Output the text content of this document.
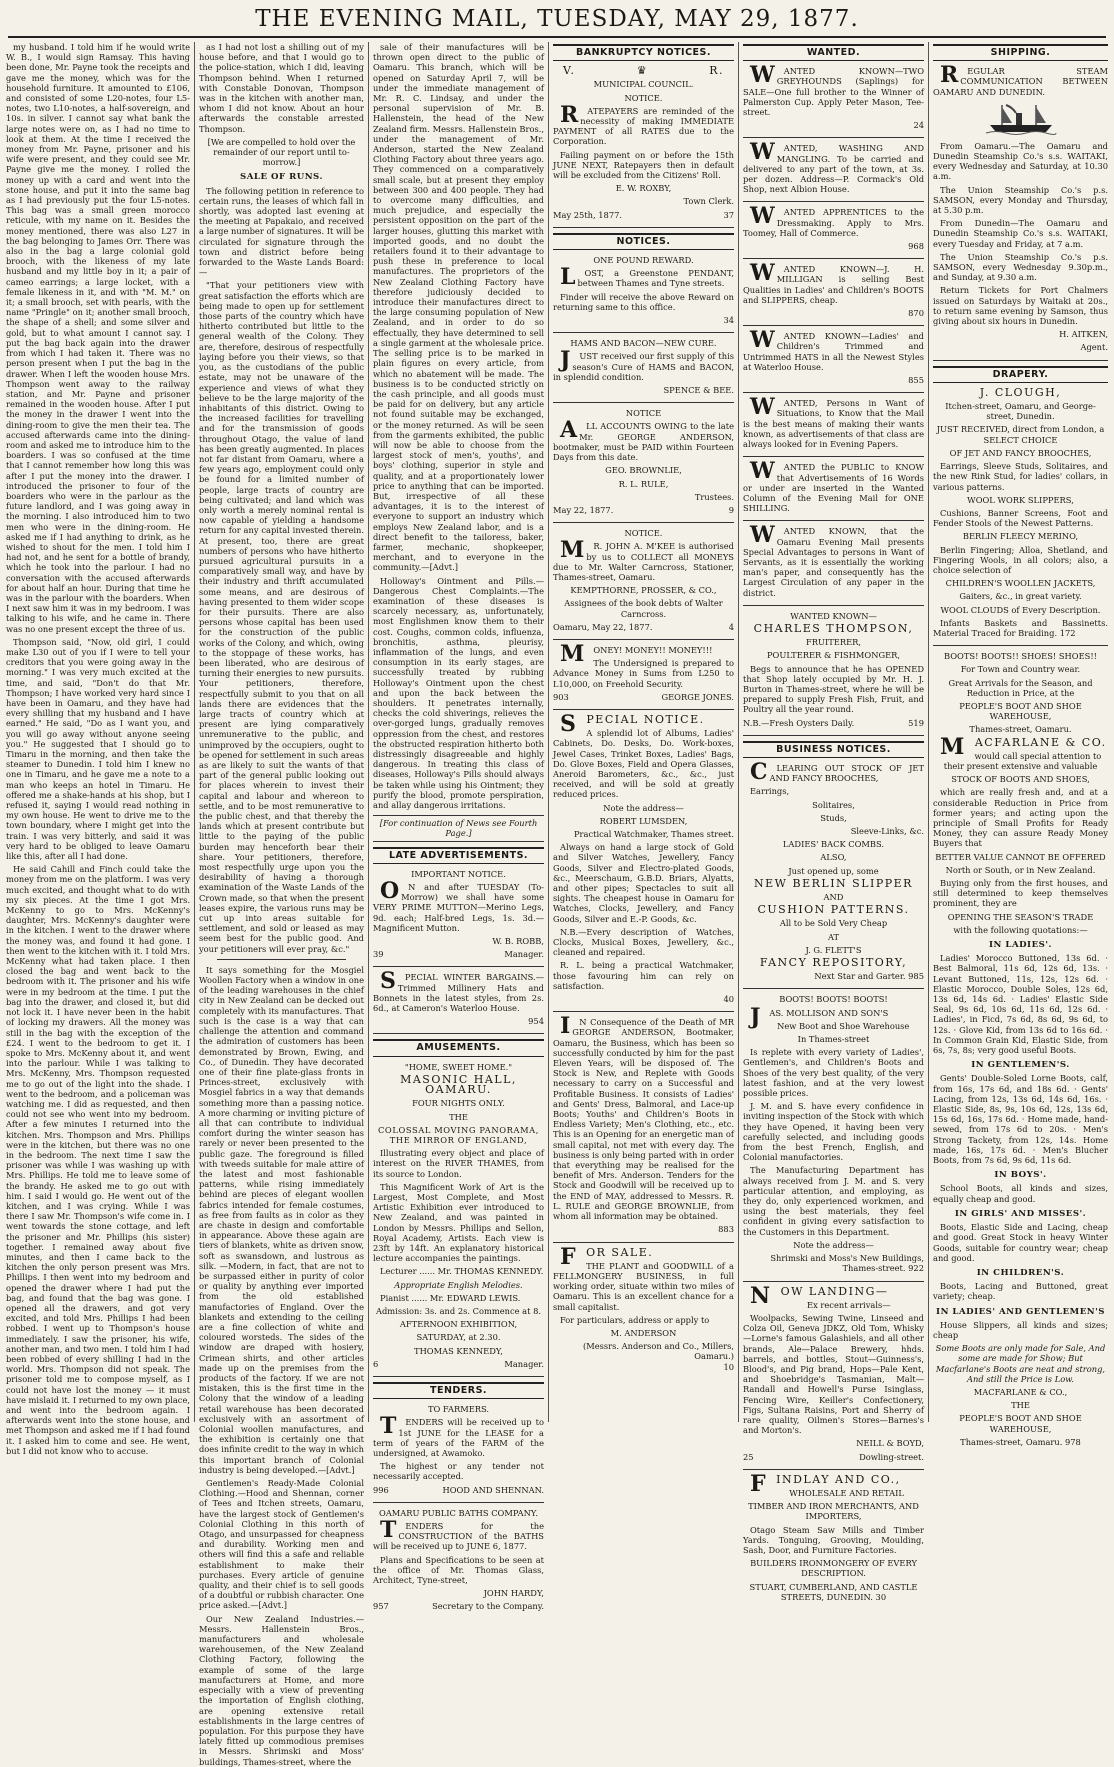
THE EVENING MAIL, TUESDAY, MAY 29, 1877.

my husband. I told him if he would write W. B., I would sign Ramsay. This having been done, Mr. Payne took the receipts and gave me the money, which was for the household furniture. It amounted to £106, and consisted of some L20-notes, four L5-notes, two L10-notes, a half-sovereign, and 10s. in silver. I cannot say what bank the large notes were on, as I had no time to look at them. At the time I received the money from Mr. Payne, prisoner and his wife were present, and they could see Mr. Payne give me the money. I rolled the money up with a card and went into the stone house, and put it into the same bag as I had previously put the four L5-notes. This bag was a small green morocco reticule, with my name on it. Besides the money mentioned, there was also L27 in the bag belonging to James Orr. There was also in the bag a large colonial gold brooch, with the likeness of my late husband and my little boy in it; a pair of cameo earrings; a large locket, with a female likeness in it, and with "M. M." on it; a small brooch, set with pearls, with the name "Pringle" on it; another small brooch, the shape of a shell; and some silver and gold, but to what amount I cannot say. I put the bag back again into the drawer from which I had taken it. There was no person present when I put the bag in the drawer. When I left the wooden house Mrs. Thompson went away to the railway station, and Mr. Payne and prisoner remained in the wooden house. After I put the money in the drawer I went into the dining-room to give the men their tea. The accused afterwards came into the dining-room and asked me to introduce him to the boarders. I was so confused at the time that I cannot remember how long this was after I put the money into the drawer. I introduced the prisoner to four of the boarders who were in the parlour as the future landlord, and I was going away in the morning. I also introduced him to two men who were in the dining-room. He asked me if I had anything to drink, as he wished to shout for the men. I told him I had not, and he sent for a bottle of brandy, which he took into the parlour. I had no conversation with the accused afterwards for about half an hour. During that time he was in the parlour with the boarders. When I next saw him it was in my bedroom. I was talking to his wife, and he came in. There was no one present except the three of us.

Thompson said, "Now, old girl, I could make L30 out of you if I were to tell your creditors that you were going away in the morning." I was very much excited at the time, and said, "Don't do that Mr. Thompson; I have worked very hard since I have been in Oamaru, and they have had every shilling that my husband and I have earned." He said, "Do as I want you, and you will go away without anyone seeing you." He suggested that I should go to Timaru in the morning, and then take the steamer to Dunedin. I told him I knew no one in Timaru, and he gave me a note to a man who keeps an hotel in Timaru. He offered me a shake-hands at his shop, but I refused it, saying I would read nothing in my own house. He went to drive me to the town boundary, where I might get into the train. I was very bitterly, and said it was very hard to be obliged to leave Oamaru like this, after all I had done.

He said Cahill and Finch could take the money from me on the platform. I was very much excited, and thought what to do with my six pieces. At the time I got Mrs. McKenny to go to Mrs. McKenny's daughter, Mrs. McKenny's daughter were in the kitchen. I went to the drawer where the money was, and found it had gone. I then went to the kitchen with it. I told Mrs. McKenny what had taken place. I then closed the bag and went back to the bedroom with it. The prisoner and his wife were in my bedroom at the time. I put the bag into the drawer, and closed it, but did not lock it. I have never been in the habit of locking my drawers. All the money was still in the bag with the exception of the £24. I went to the bedroom to get it. I spoke to Mrs. McKenny about it, and went into the parlour. While I was talking to Mrs. McKenny, Mrs. Thompson requested me to go out of the light into the shade. I went to the bedroom, and a policeman was watching me. I did as requested, and then could not see who went into my bedroom. After a few minutes I returned into the kitchen. Mrs. Thompson and Mrs. Phillips were in the kitchen, but there was no one in the bedroom. The next time I saw the prisoner was while I was washing up with Mrs. Phillips. He told me to leave some of the brandy. He asked me to go out with him. I said I would go. He went out of the kitchen, and I was crying. While I was there I saw Mr. Thompson's wife come in. I went towards the stone cottage, and left the prisoner and Mr. Phillips (his sister) together. I remained away about five minutes, and then I came back to the kitchen the only person present was Mrs. Phillips. I then went into my bedroom and opened the drawer where I had put the bag, and found that the bag was gone. I opened all the drawers, and got very excited, and told Mrs. Phillips I had been robbed. I went up to Thompson's house immediately. I saw the prisoner, his wife, another man, and two men. I told him I had been robbed of every shilling I had in the world. Mrs. Thompson did not speak. The prisoner told me to compose myself, as I could not have lost the money — it must have mislaid it. I returned to my own place, and went into the bedroom again. I afterwards went into the stone house, and met Thompson and asked me if I had found it. I asked him to come and see. He went, but I did not know who to accuse.

as I had not lost a shilling out of my house before, and that I would go to the police-station, which I did, leaving Thompson behind. When I returned with Constable Donovan, Thompson was in the kitchen with another man, whom I did not know. About an hour afterwards the constable arrested Thompson.

[We are compelled to hold over the remainder of our report until to-morrow.]

SALE OF RUNS.

The following petition in reference to certain runs, the leases of which fall in shortly, was adopted last evening at the meeting at Papakaio, and received a large number of signatures. It will be circulated for signature through the town and district before being forwarded to the Waste Lands Board:—

"That your petitioners view with great satisfaction the efforts which are being made to open up for settlement those parts of the country which have hitherto contributed but little to the general wealth of the Colony. They are, therefore, desirous of respectfully laying before you their views, so that you, as the custodians of the public estate, may not be unaware of the experience and views of what they believe to be the large majority of the inhabitants of this district. Owing to the increased facilities for travelling and for the transmission of goods throughout Otago, the value of land has been greatly augmented. In places not far distant from Oamaru, where a few years ago, employment could only be found for a limited number of people, large tracts of country are being cultivated; and land which was only worth a merely nominal rental is now capable of yielding a handsome return for any capital invested therein. At present, too, there are great numbers of persons who have hitherto pursued agricultural pursuits in a comparatively small way, and have by their industry and thrift accumulated some means, and are desirous of having presented to them wider scope for their pursuits. There are also persons whose capital has been used for the construction of the public works of the Colony, and which, owing to the stoppage of these works, has been liberated, who are desirous of turning their energies to new pursuits. Your petitioners, therefore, respectfully submit to you that on all lands there are evidences that the large tracts of country which at present are lying comparatively unremunerative to the public, and unimproved by the occupiers, ought to be opened for settlement in such areas as are likely to suit the wants of that part of the general public looking out for places wherein to invest their capital and labour and whereon to settle, and to be most remunerative to the public chest, and that thereby the lands which at present contribute but little to the paying of the public burden may henceforth bear their share. Your petitioners, therefore, most respectfully urge upon you the desirability of having a thorough examination of the Waste Lands of the Crown made, so that when the present leases expire, the various runs may be cut up into areas suitable for settlement, and sold or leased as may seem best for the public good. And your petitioners will ever pray, &c."

It says something for the Mosgiel Woollen Factory when a window in one of the leading warehouses in the chief city in New Zealand can be decked out completely with its manufactures. That such is the case is a way that can challenge the attention and command the admiration of customers has been demonstrated by Brown, Ewing, and Co., of Dunedin. They have decorated one of their fine plate-glass fronts in Princes-street, exclusively with Mosgiel fabrics in a way that demands something more than a passing notice. A more charming or inviting picture of all that can contribute to individual comfort during the winter season has rarely or never been presented to the public gaze. The foreground is filled with tweeds suitable for male attire of the latest and most fashionable patterns, while rising immediately behind are pieces of elegant woollen fabrics intended for female costumes, as free from faults as in color as they are chaste in design and comfortable in appearance. Above these again are tiers of blankets, white as driven snow, soft as swansdown, and lustrous as silk. —Modern, in fact, that are not to be surpassed either in purity of color or quality by anything ever imported from the old established manufactories of England. Over the blankets and extending to the ceiling are a fine collection of white and coloured worsteds. The sides of the window are draped with hosiery, Crimean shirts, and other articles made up on the premises from the products of the factory. If we are not mistaken, this is the first time in the Colony that the window of a leading retail warehouse has been decorated exclusively with an assortment of Colonial woollen manufactures, and the exhibition is certainly one that does infinite credit to the way in which this important branch of Colonial industry is being developed.—[Advt.]

Gentlemen's Ready-Made Colonial Clothing.—Hood and Shennan, corner of Tees and Itchen streets, Oamaru, have the largest stock of Gentlemen's Colonial Clothing in this north of Otago, and unsurpassed for cheapness and durability. Working men and others will find this a safe and reliable establishment to make their purchases. Every article of genuine quality, and their chief is to sell goods of a doubtful or rubbish character. One price asked.—[Advt.]

Our New Zealand Industries.—Messrs. Hallenstein Bros., manufacturers and wholesale warehousemen, of the New Zealand Clothing Factory, following the example of some of the large manufacturers at Home, and more especially with a view of preventing the importation of English clothing, are opening extensive retail establishments in the large centres of population. For this purpose they have lately fitted up commodious premises in Messrs. Shrimski and Moss' buildings, Thames-street, where the

sale of their manufactures will be thrown open direct to the public of Oamaru. This branch, which will be opened on Saturday April 7, will be under the immediate management of Mr. R. C. Lindsay, and under the personal supervision of Mr. B. Hallenstein, the head of the New Zealand firm. Messrs. Hallenstein Bros., under the management of Mr. Anderson, started the New Zealand Clothing Factory about three years ago. They commenced on a comparatively small scale, but at present they employ between 300 and 400 people. They had to overcome many difficulties, and much prejudice, and especially the persistent opposition on the part of the larger houses, glutting this market with imported goods, and no doubt the retailers found it to their advantage to push these in preference to local manufactures. The proprietors of the New Zealand Clothing Factory have therefore judiciously decided to introduce their manufactures direct to the large consuming population of New Zealand, and in order to do so effectually, they have determined to sell a single garment at the wholesale price. The selling price is to be marked in plain figures on every article, from which no abatement will be made. The business is to be conducted strictly on the cash principle, and all goods must be paid for on delivery, but any article not found suitable may be exchanged, or the money returned. As will be seen from the garments exhibited, the public will now be able to choose from the largest stock of men's, youths', and boys' clothing, superior in style and quality, and at a proportionately lower price to anything that can be imported. But, irrespective of all these advantages, it is to the interest of everyone to support an industry which employs New Zealand labor, and is a direct benefit to the tailoress, baker, farmer, mechanic, shopkeeper, merchant, and to everyone in the community.—[Advt.]

Holloway's Ointment and Pills.—Dangerous Chest Complaints.—The examination of these diseases is scarcely necessary, as, unfortunately, most Englishmen know them to their cost. Coughs, common colds, influenza, bronchitis, asthma, pleurisy, inflammation of the lungs, and even consumption in its early stages, are successfully treated by rubbing Holloway's Ointment upon the chest and upon the back between the shoulders. It penetrates internally, checks the cold shiverings, relieves the over-gorged lungs, gradually removes oppression from the chest, and restores the obstructed respiration hitherto both distressingly disagreeable and highly dangerous. In treating this class of diseases, Holloway's Pills should always be taken while using his Ointment; they purify the blood, promote perspiration, and allay dangerous irritations.

[For continuation of News see Fourth Page.]
LATE ADVERTISEMENTS.

IMPORTANT NOTICE.

ON and after TUESDAY (To-Morrow) we shall have some VERY PRIME MUTTON—Merino Legs, 9d. each; Half-bred Legs, 1s. 3d.—Magnificent Mutton.

W. B. ROBB,

39	Manager.

SPECIAL WINTER BARGAINS.— Trimmed Millinery Hats and Bonnets in the latest styles, from 2s. 6d., at Cameron's Waterloo House.

954

AMUSEMENTS.

"HOME, SWEET HOME."

MASONIC HALL, OAMARU.

FOUR NIGHTS ONLY.

THE

COLOSSAL MOVING PANORAMA, THE MIRROR OF ENGLAND,

Illustrating every object and place of interest on the RIVER THAMES, from its source to London.

This Magnificent Work of Art is the Largest, Most Complete, and Most Artistic Exhibition ever introduced to New Zealand, and was painted in London by Messrs. Phillips and Sellon, Royal Academy, Artists. Each view is 23ft by 14ft. An explanatory historical lecture accompanies the paintings.

Lecturer ...... Mr. THOMAS KENNEDY.

Appropriate English Melodies.

Pianist ...... Mr. EDWARD LEWIS.

Admission: 3s. and 2s. Commence at 8.

AFTERNOON EXHIBITION,

SATURDAY, at 2.30.

THOMAS KENNEDY,

6	Manager.

TENDERS.

TO FARMERS.

TENDERS will be received up to 1st JUNE for the LEASE for a term of years of the FARM of the undersigned, at Awamoko.

The highest or any tender not necessarily accepted.

996	HOOD AND SHENNAN.

OAMARU PUBLIC BATHS COMPANY.

TENDERS for the CONSTRUCTION of the BATHS will be received up to JUNE 6, 1877.

Plans and Specifications to be seen at the office of Mr. Thomas Glass, Architect, Tyne-street,

JOHN HARDY,

957	Secretary to the Company.

BANKRUPTCY NOTICES.

V.	♛	R.

MUNICIPAL COUNCIL.

NOTICE.

RATEPAYERS are reminded of the necessity of making IMMEDIATE PAYMENT of all RATES due to the Corporation.

Failing payment on or before the 15th JUNE NEXT, Ratepayers then in default will be excluded from the Citizens' Roll.

E. W. ROXBY,

Town Clerk.

May 25th, 1877.	37

NOTICES.

ONE POUND REWARD.

LOST, a Greenstone PENDANT, between Thames and Tyne streets.

Finder will receive the above Reward on returning same to this office.

34

HAMS AND BACON—NEW CURE.

JUST received our first supply of this season's Cure of HAMS and BACON, in splendid condition.

SPENCE & BEE.

NOTICE

ALL ACCOUNTS OWING to the late Mr. GEORGE ANDERSON, bootmaker, must be PAID within Fourteen Days from this date.

GEO. BROWNLIE,

R. L. RULE,

Trustees.

May 22, 1877.	9

NOTICE.

MR. JOHN A. M'KEE is authorised by us to COLLECT all MONEYS due to Mr. Walter Carncross, Stationer, Thames-street, Oamaru.

KEMPTHORNE, PROSSER, & CO.,

Assignees of the book debts of Walter Carncross.

Oamaru, May 22, 1877.	4

MONEY! MONEY!! MONEY!!!

The Undersigned is prepared to Advance Money in Sums from L250 to L10,000, on Freehold Security.

903	GEORGE JONES.

SPECIAL NOTICE.

A splendid lot of Albums, Ladies' Cabinets, Do. Desks, Do. Work-boxes, Jewel Cases, Trinket Boxes, Ladies' Bags, Do. Glove Boxes, Field and Opera Glasses, Aneroid Barometers, &c., &c., just received, and will be sold at greatly reduced prices.

Note the address—

ROBERT LUMSDEN,

Practical Watchmaker, Thames street.

Always on hand a large stock of Gold and Silver Watches, Jewellery, Fancy Goods, Silver and Electro-plated Goods, &c., Meerschaum, G.B.D. Briars, Alyatts, and other pipes; Spectacles to suit all sights. The cheapest house in Oamaru for Watches, Clocks, Jewellery, and Fancy Goods, Silver and E.-P. Goods, &c.

N.B.—Every description of Watches, Clocks, Musical Boxes, Jewellery, &c., cleaned and repaired.

R. L. being a practical Watchmaker, those favouring him can rely on satisfaction.

40

IN Consequence of the Death of MR GEORGE ANDERSON, Bootmaker, Oamaru, the Business, which has been so successfully conducted by him for the past Eleven Years, will be disposed of. The Stock is New, and Replete with Goods necessary to carry on a Successful and Profitable Business. It consists of Ladies' and Gents' Dress, Balmoral, and Lace-up Boots; Youths' and Children's Boots in Endless Variety; Men's Clothing, etc., etc. This is an Opening for an energetic man of small capital, not met with every day. The business is only being parted with in order that everything may be realised for the benefit of Mrs. Anderson. Tenders for the Stock and Goodwill will be received up to the END of MAY, addressed to Messrs. R. L. RULE and GEORGE BROWNLIE, from whom all information may be obtained.

883

FOR SALE.

THE PLANT and GOODWILL of a FELLMONGERY BUSINESS, in full working order, situate within two miles of Oamaru. This is an excellent chance for a small capitalist.

For particulars, address or apply to

M. ANDERSON

(Messrs. Anderson and Co., Millers, Oamaru.)
10

WANTED.

WANTED KNOWN—TWO GREYHOUNDS (Saplings) for SALE—One full brother to the Winner of Palmerston Cup. Apply Peter Mason, Tee-street.

24

WANTED, WASHING AND MANGLING. To be carried and delivered to any part of the town, at 3s. per dozen. Address—P. Cormack's Old Shop, next Albion House.

WANTED APPRENTICES to the Dressmaking. Apply to Mrs. Toomey, Hall of Commerce.

968

WANTED KNOWN—J. H. MILLIGAN is selling Best Qualities in Ladies' and Children's BOOTS and SLIPPERS, cheap.

870

WANTED KNOWN—Ladies' and Children's Trimmed and Untrimmed HATS in all the Newest Styles at Waterloo House.

855

WANTED, Persons in Want of Situations, to Know that the Mail is the best means of making their wants known, as advertisements of that class are always looked for in Evening Papers.

WANTED the PUBLIC to KNOW that Advertisements of 16 Words or under are inserted in the Wanted Column of the Evening Mail for ONE SHILLING.

WANTED KNOWN, that the Oamaru Evening Mail presents Special Advantages to persons in Want of Servants, as it is essentially the working man's paper, and consequently has the Largest Circulation of any paper in the district.

WANTED KNOWN—

CHARLES THOMPSON,

FRUITERER,

POULTERER & FISHMONGER,

Begs to announce that he has OPENED that Shop lately occupied by Mr. H. J. Burton in Thames-street, where he will be prepared to supply Fresh Fish, Fruit, and Poultry all the year round.

N.B.—Fresh Oysters Daily.	519

BUSINESS NOTICES.

CLEARING OUT STOCK OF JET AND FANCY BROOCHES,

Earrings,

Solitaires,

Studs,

Sleeve-Links, &c.

LADIES' BACK COMBS.

ALSO,

Just opened up, some

NEW BERLIN SLIPPER

AND

CUSHION PATTERNS.

All to be Sold Very Cheap

AT

J. G. FLETT'S

FANCY REPOSITORY,

Next Star and Garter. 985

BOOTS! BOOTS! BOOTS!

JAS. MOLLISON AND SON'S

New Boot and Shoe Warehouse

In Thames-street

Is replete with every variety of Ladies', Gentlemen's, and Children's Boots and Shoes of the very best quality, of the very latest fashion, and at the very lowest possible prices.

J. M. and S. have every confidence in inviting inspection of the Stock with which they have Opened, it having been very carefully selected, and including goods from the best French, English, and Colonial manufactories.

The Manufacturing Department has always received from J. M. and S. very particular attention, and employing, as they do, only experienced workmen, and using the best materials, they feel confident in giving every satisfaction to the Customers in this Department.

Note the address—

Shrimski and Moss's New Buildings, Thames-street. 922

NOW LANDING—

Ex recent arrivals—

Woolpacks, Sewing Twine, Linseed and Colza Oil, Geneva JDKZ, Old Tom, Whisky—Lorne's famous Galashiels, and all other brands, Ale—Palace Brewery, hhds. barrels, and bottles, Stout—Guinness's, Blood's, and Pig brand, Hops—Pale Kent, and Shoebridge's Tasmanian, Malt—Randall and Howell's Purse Isinglass, Fencing Wire, Keiller's Confectionery, Figs, Sultana Raisins, Port and Sherry of rare quality, Oilmen's Stores—Barnes's and Morton's.

NEILL & BOYD,

25	Dowling-street.

FINDLAY AND CO.,

WHOLESALE AND RETAIL

TIMBER AND IRON MERCHANTS, AND IMPORTERS,

Otago Steam Saw Mills and Timber Yards. Tonguing, Grooving, Moulding, Sash, Door, and Furniture Factories.

BUILDERS IRONMONGERY OF EVERY DESCRIPTION.

STUART, CUMBERLAND, AND CASTLE STREETS, DUNEDIN. 30

SHIPPING.

REGULAR STEAM COMMUNICATION BETWEEN OAMARU AND DUNEDIN.

From Oamaru.—The Oamaru and Dunedin Steamship Co.'s s.s. WAITAKI, every Wednesday and Saturday, at 10.30 a.m.

The Union Steamship Co.'s p.s. SAMSON, every Monday and Thursday, at 5.30 p.m.

From Dunedin—The Oamaru and Dunedin Steamship Co.'s s.s. WAITAKI, every Tuesday and Friday, at 7 a.m.

The Union Steamship Co.'s p.s. SAMSON, every Wednesday 9.30p.m., and Sunday, at 9.30 a.m.

Return Tickets for Port Chalmers issued on Saturdays by Waitaki at 20s., to return same evening by Samson, thus giving about six hours in Dunedin.

H. AITKEN,

Agent.

DRAPERY.

J. CLOUGH,

Itchen-street, Oamaru, and George-street, Dunedin.

JUST RECEIVED, direct from London, a SELECT CHOICE

OF JET AND FANCY BROOCHES,

Earrings, Sleeve Studs, Solitaires, and the new Rink Stud, for ladies' collars, in various patterns.

WOOL WORK SLIPPERS,

Cushions, Banner Screens, Foot and Fender Stools of the Newest Patterns.

BERLIN FLEECY MERINO,

Berlin Fingering; Alloa, Shetland, and Fingering Wools, in all colors; also, a choice selection of

CHILDREN'S WOOLLEN JACKETS,

Gaiters, &c., in great variety.

WOOL CLOUDS of Every Description.

Infants Baskets and Bassinetts. Material Traced for Braiding. 172

BOOTS! BOOTS!! SHOES! SHOES!!

For Town and Country wear.

Great Arrivals for the Season, and Reduction in Price, at the

PEOPLE'S BOOT AND SHOE WAREHOUSE,

Thames-street, Oamaru.

MACFARLANE & CO.

would call special attention to their present extensive and valuable

STOCK OF BOOTS AND SHOES,

which are really fresh and, and at a considerable Reduction in Price from former years; and acting upon the principle of Small Profits for Ready Money, they can assure Ready Money Buyers that

BETTER VALUE CANNOT BE OFFERED

North or South, or in New Zealand.

Buying only from the first houses, and still determined to keep themselves prominent, they are

OPENING THE SEASON'S TRADE

with the following quotations:—

IN LADIES'.

Ladies' Morocco Buttoned, 13s 6d. · Best Balmoral, 11s 6d, 12s 6d, 13s. · Levant Buttoned, 11s, 12s, 12s 6d. · Elastic Morocco, Double Soles, 12s 6d, 13s 6d, 14s 6d. · Ladies' Elastic Side Seal, 9s 6d, 10s 6d, 11s 6d, 12s 6d. · Ladies', in Ficd, 7s 6d, 8s 6d, 9s 6d, to 12s. · Glove Kid, from 13s 6d to 16s 6d. · In Common Grain Kid, Elastic Side, from 6s, 7s, 8s; very good useful Boots.

IN GENTLEMEN'S.

Gents' Double-Soled Lorne Boots, calf, from 16s, 17s 6d, and 18s 6d. · Gents' Lacing, from 12s, 13s 6d, 14s 6d, 16s. · Elastic Side, 8s, 9s, 10s 6d, 12s, 13s 6d, 15s 6d, 16s, 17s 6d. · Home made, hand-sewed, from 17s 6d to 20s. · Men's Strong Tackety, from 12s, 14s. Home made, 16s, 17s 6d. · Men's Blucher Boots, from 7s 6d, 9s 6d, 11s 6d.

IN BOYS'.

School Boots, all kinds and sizes, equally cheap and good.

IN GIRLS' AND MISSES'.

Boots, Elastic Side and Lacing, cheap and good. Great Stock in heavy Winter Goods, suitable for country wear; cheap and good.

IN CHILDREN'S.

Boots, Lacing and Buttoned, great variety; cheap.

IN LADIES' AND GENTLEMEN'S

House Slippers, all kinds and sizes; cheap

Some Boots are only made for Sale, And some are made for Show; But Macfarlane's Boots are neat and strong, And still the Price is Low.

MACFARLANE & CO.,

THE

PEOPLE'S BOOT AND SHOE WAREHOUSE,

Thames-street, Oamaru. 978
